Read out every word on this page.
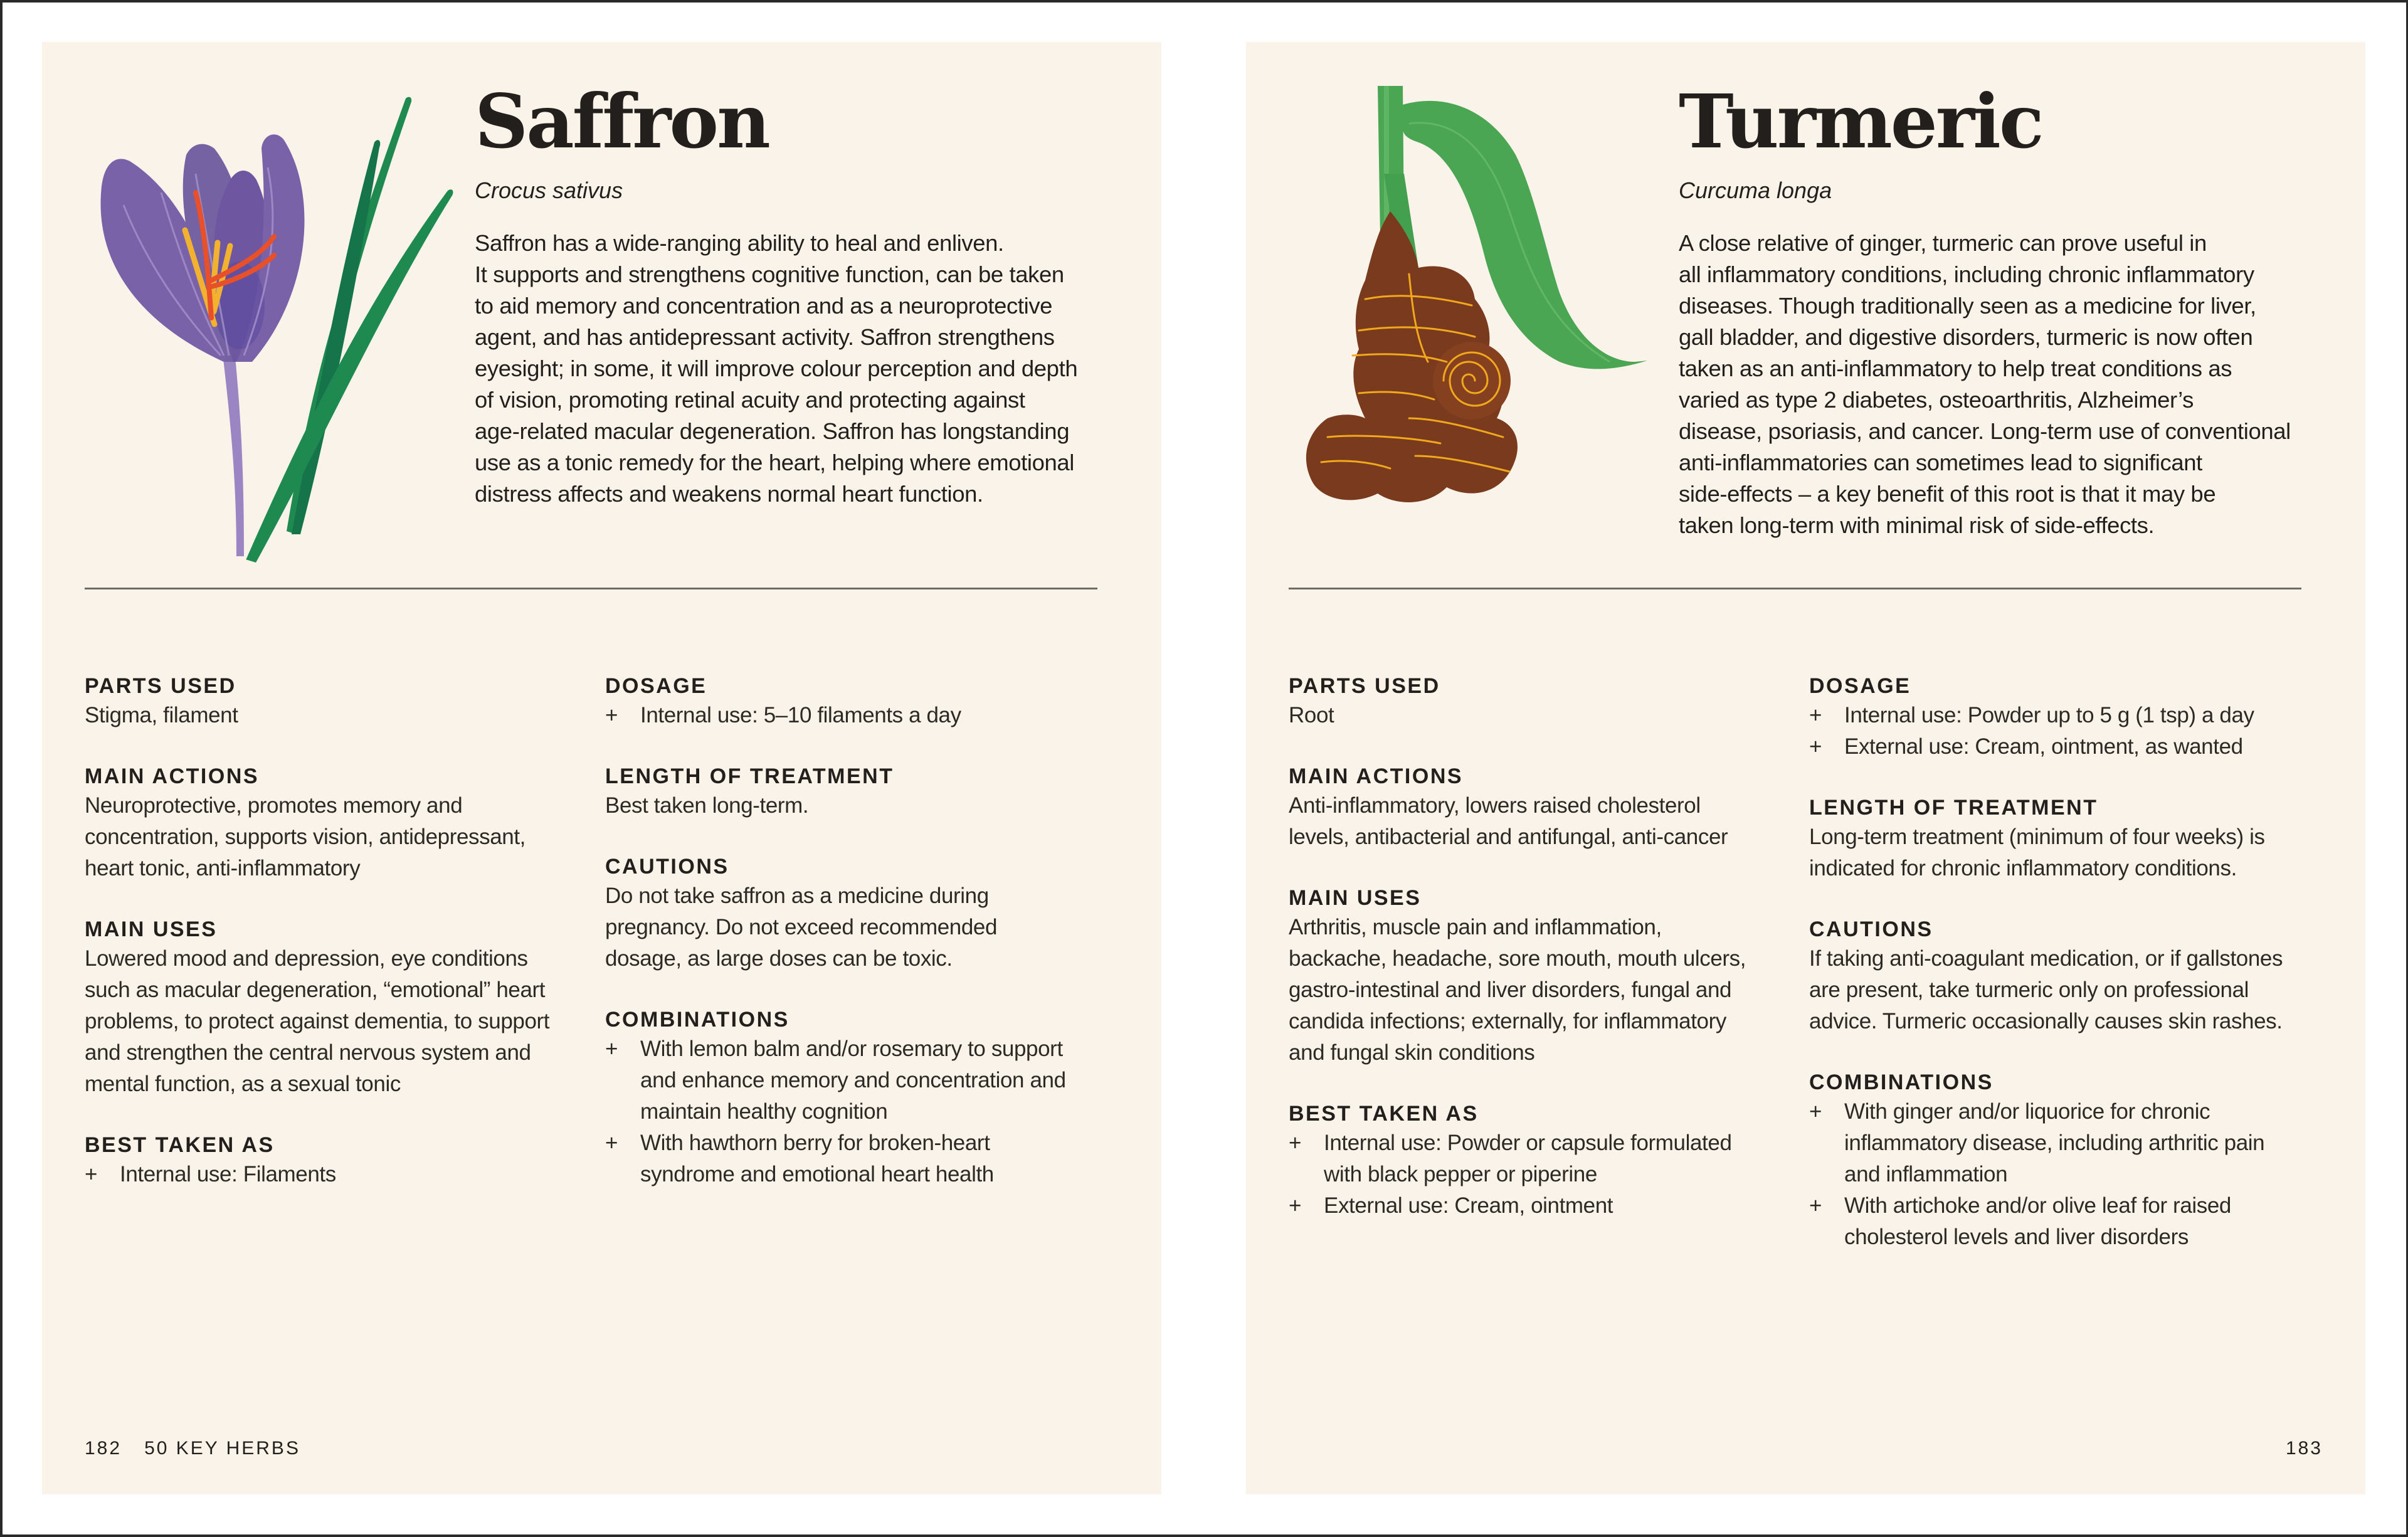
Saffron
Crocus sativus

Saffron has a wide-ranging ability to heal and enliven.
It supports and strengthens cognitive function, can be taken
to aid memory and concentration and as a neuroprotective
agent, and has antidepressant activity. Saffron strengthens
eyesight; in some, it will improve colour perception and depth
of vision, promoting retinal acuity and protecting against
age-related macular degeneration. Saffron has longstanding
use as a tonic remedy for the heart, helping where emotional
distress affects and weakens normal heart function.

PARTS USED
Stigma, filament
MAIN ACTIONS
Neuroprotective, promotes memory and
concentration, supports vision, antidepressant,
heart tonic, anti-inflammatory
MAIN USES
Lowered mood and depression, eye conditions
such as macular degeneration, “emotional” heart
problems, to protect against dementia, to support
and strengthen the central nervous system and
mental function, as a sexual tonic
BEST TAKEN AS
+	Internal use: Filaments
DOSAGE
+	Internal use: 5–10 filaments a day
LENGTH OF TREATMENT
Best taken long-term.
CAUTIONS
Do not take saffron as a medicine during
pregnancy. Do not exceed recommended
dosage, as large doses can be toxic.
COMBINATIONS
+	With lemon balm and/or rosemary to support
and enhance memory and concentration and
maintain healthy cognition
+	With hawthorn berry for broken-heart
syndrome and emotional heart health
182 50 KEY HERBS
Turmeric
Curcuma longa

A close relative of ginger, turmeric can prove useful in
all inflammatory conditions, including chronic inflammatory
diseases. Though traditionally seen as a medicine for liver,
gall bladder, and digestive disorders, turmeric is now often
taken as an anti-inflammatory to help treat conditions as
varied as type 2 diabetes, osteoarthritis, Alzheimer’s
disease, psoriasis, and cancer. Long-term use of conventional
anti-inflammatories can sometimes lead to significant
side-effects – a key benefit of this root is that it may be
taken long-term with minimal risk of side-effects.

PARTS USED
Root
MAIN ACTIONS
Anti-inflammatory, lowers raised cholesterol
levels, antibacterial and antifungal, anti-cancer
MAIN USES
Arthritis, muscle pain and inflammation,
backache, headache, sore mouth, mouth ulcers,
gastro-intestinal and liver disorders, fungal and
candida infections; externally, for inflammatory
and fungal skin conditions
BEST TAKEN AS
+	Internal use: Powder or capsule formulated
with black pepper or piperine
+	External use: Cream, ointment
DOSAGE
+	Internal use: Powder up to 5 g (1 tsp) a day
+	External use: Cream, ointment, as wanted
LENGTH OF TREATMENT
Long-term treatment (minimum of four weeks) is
indicated for chronic inflammatory conditions.
CAUTIONS
If taking anti-coagulant medication, or if gallstones
are present, take turmeric only on professional
advice. Turmeric occasionally causes skin rashes.
COMBINATIONS
+	With ginger and/or liquorice for chronic
inflammatory disease, including arthritic pain
and inflammation
+	With artichoke and/or olive leaf for raised
cholesterol levels and liver disorders
183
